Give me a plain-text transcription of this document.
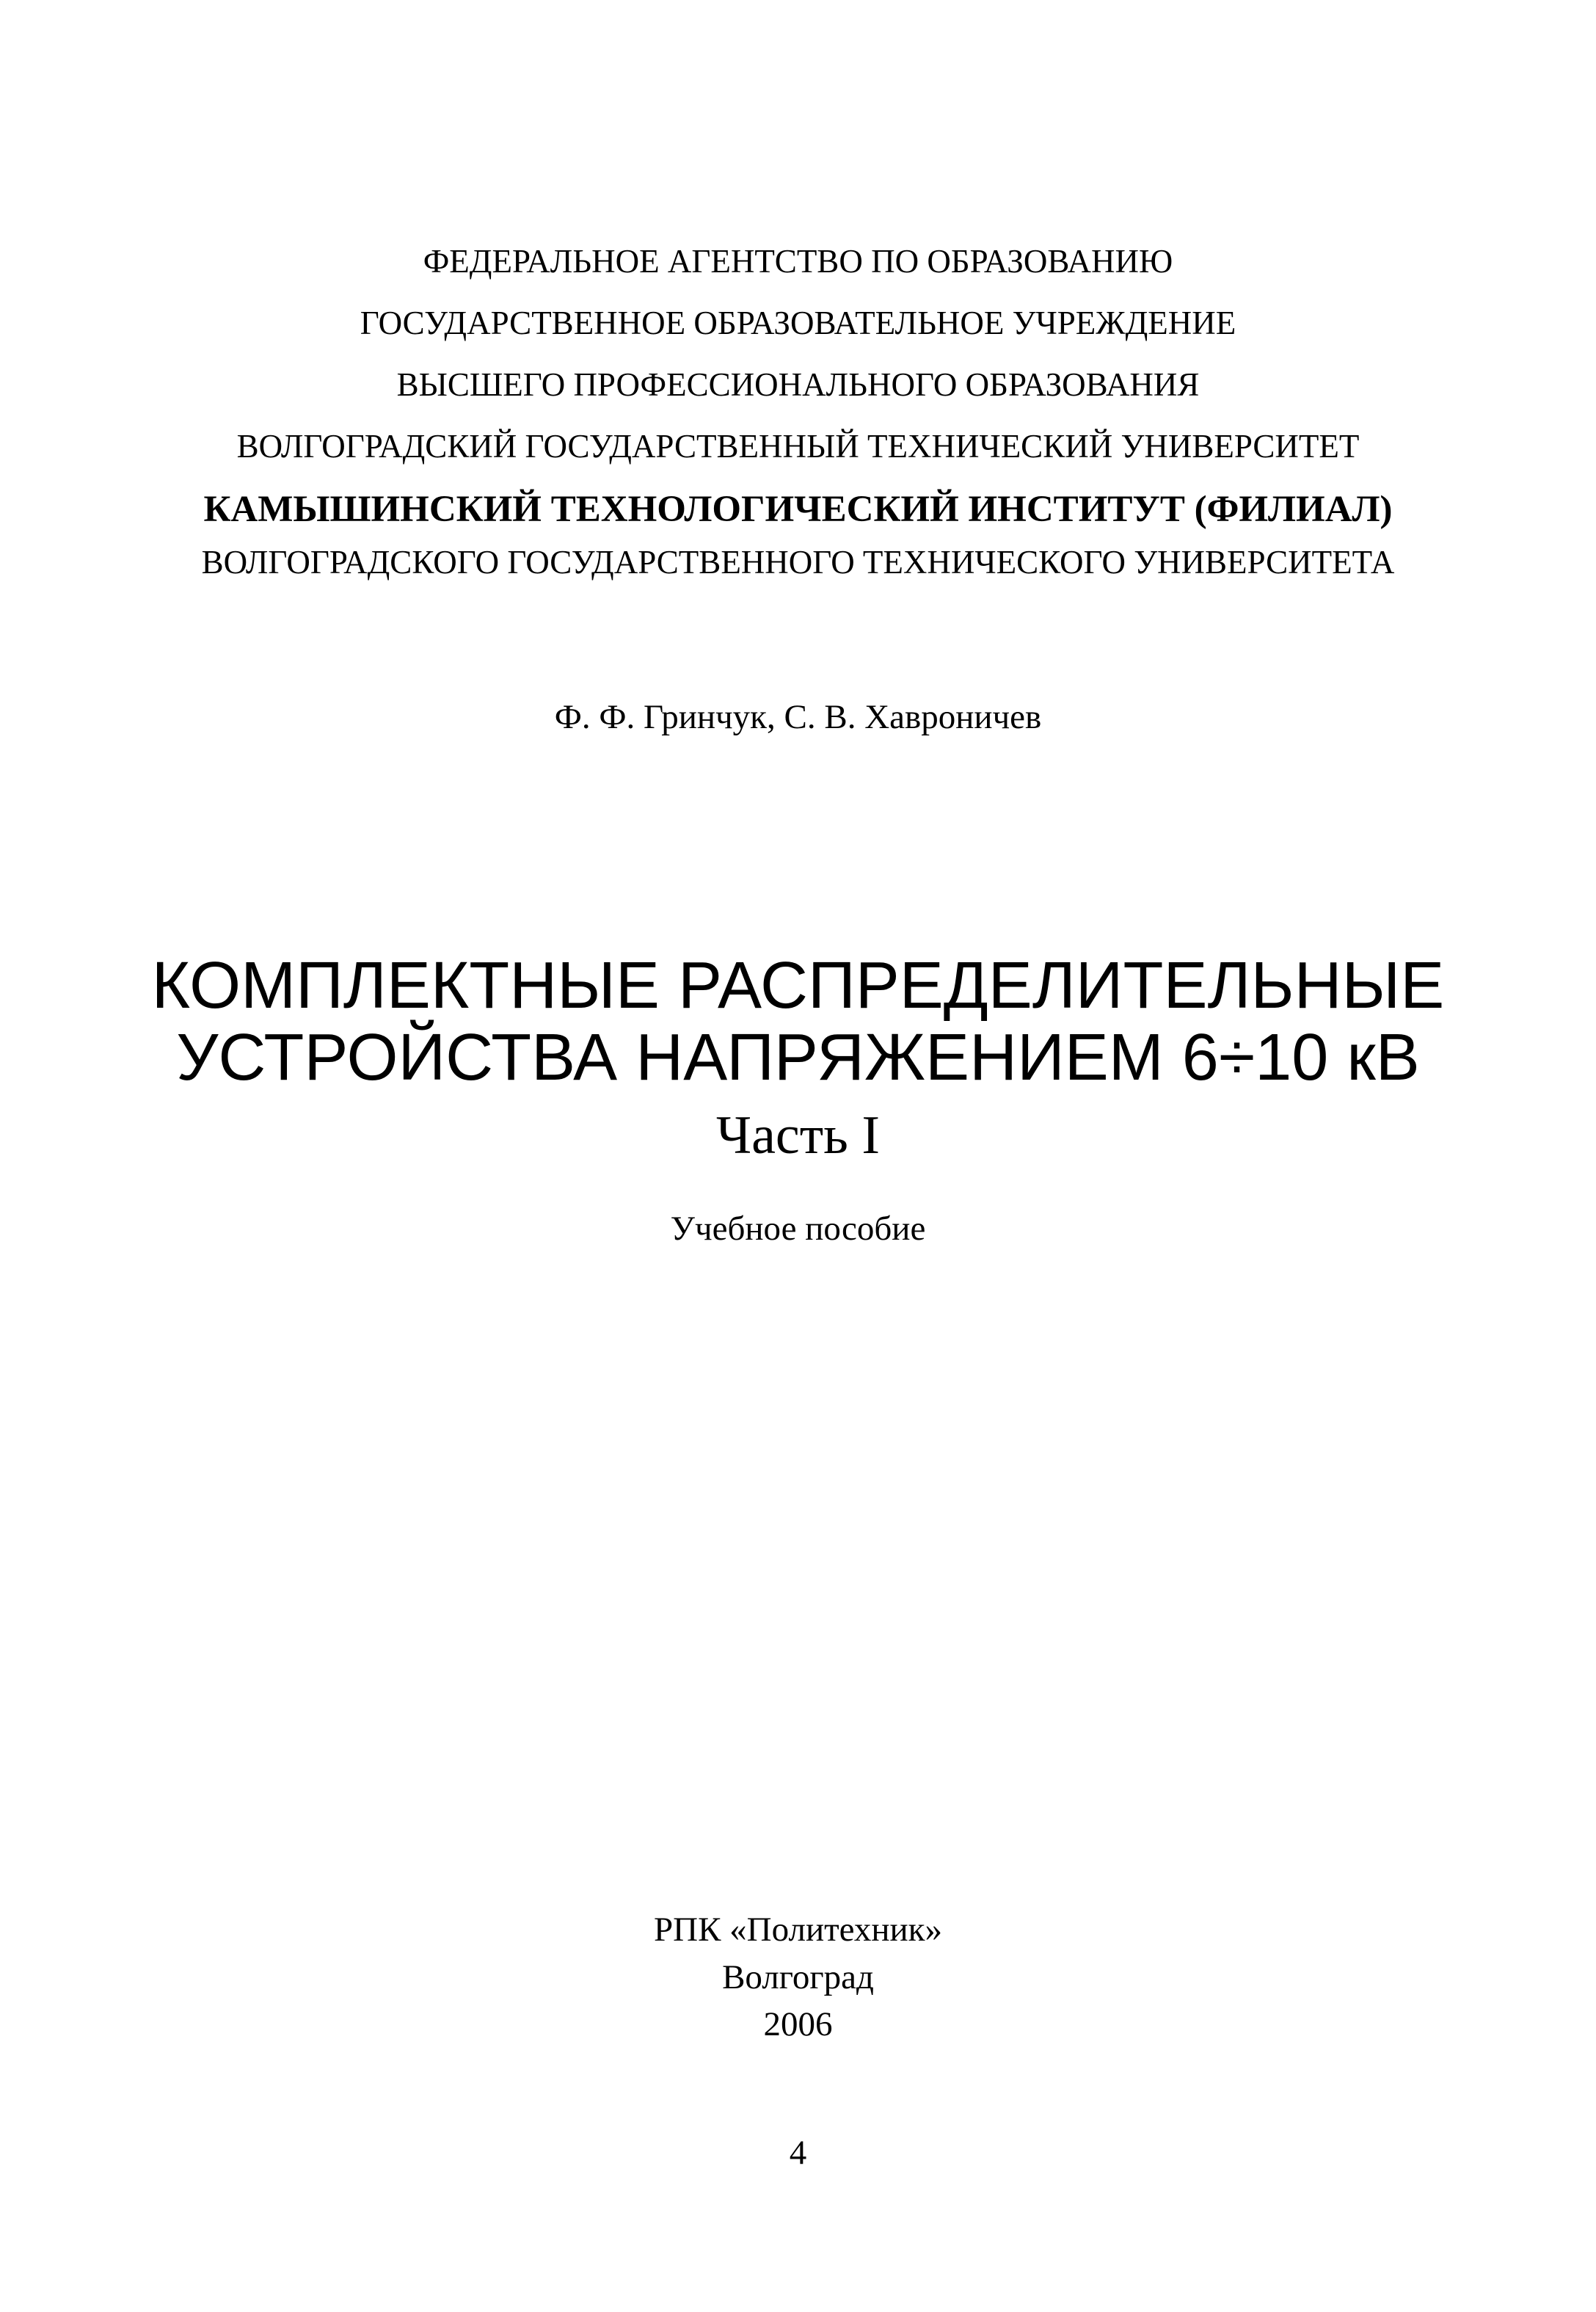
ФЕДЕРАЛЬНОЕ АГЕНТСТВО ПО ОБРАЗОВАНИЮ
ГОСУДАРСТВЕННОЕ ОБРАЗОВАТЕЛЬНОЕ УЧРЕЖДЕНИЕ
ВЫСШЕГО ПРОФЕССИОНАЛЬНОГО ОБРАЗОВАНИЯ
ВОЛГОГРАДСКИЙ ГОСУДАРСТВЕННЫЙ ТЕХНИЧЕСКИЙ УНИВЕРСИТЕТ
КАМЫШИНСКИЙ ТЕХНОЛОГИЧЕСКИЙ ИНСТИТУТ (ФИЛИАЛ)
ВОЛГОГРАДСКОГО ГОСУДАРСТВЕННОГО ТЕХНИЧЕСКОГО УНИВЕРСИТЕТА
Ф. Ф. Гринчук, С. В. Хавроничев
КОМПЛЕКТНЫЕ РАСПРЕДЕЛИТЕЛЬНЫЕ
УСТРОЙСТВА НАПРЯЖЕНИЕМ 6÷10 кВ
Часть I
Учебное пособие
РПК «Политехник»
Волгоград
2006
4
